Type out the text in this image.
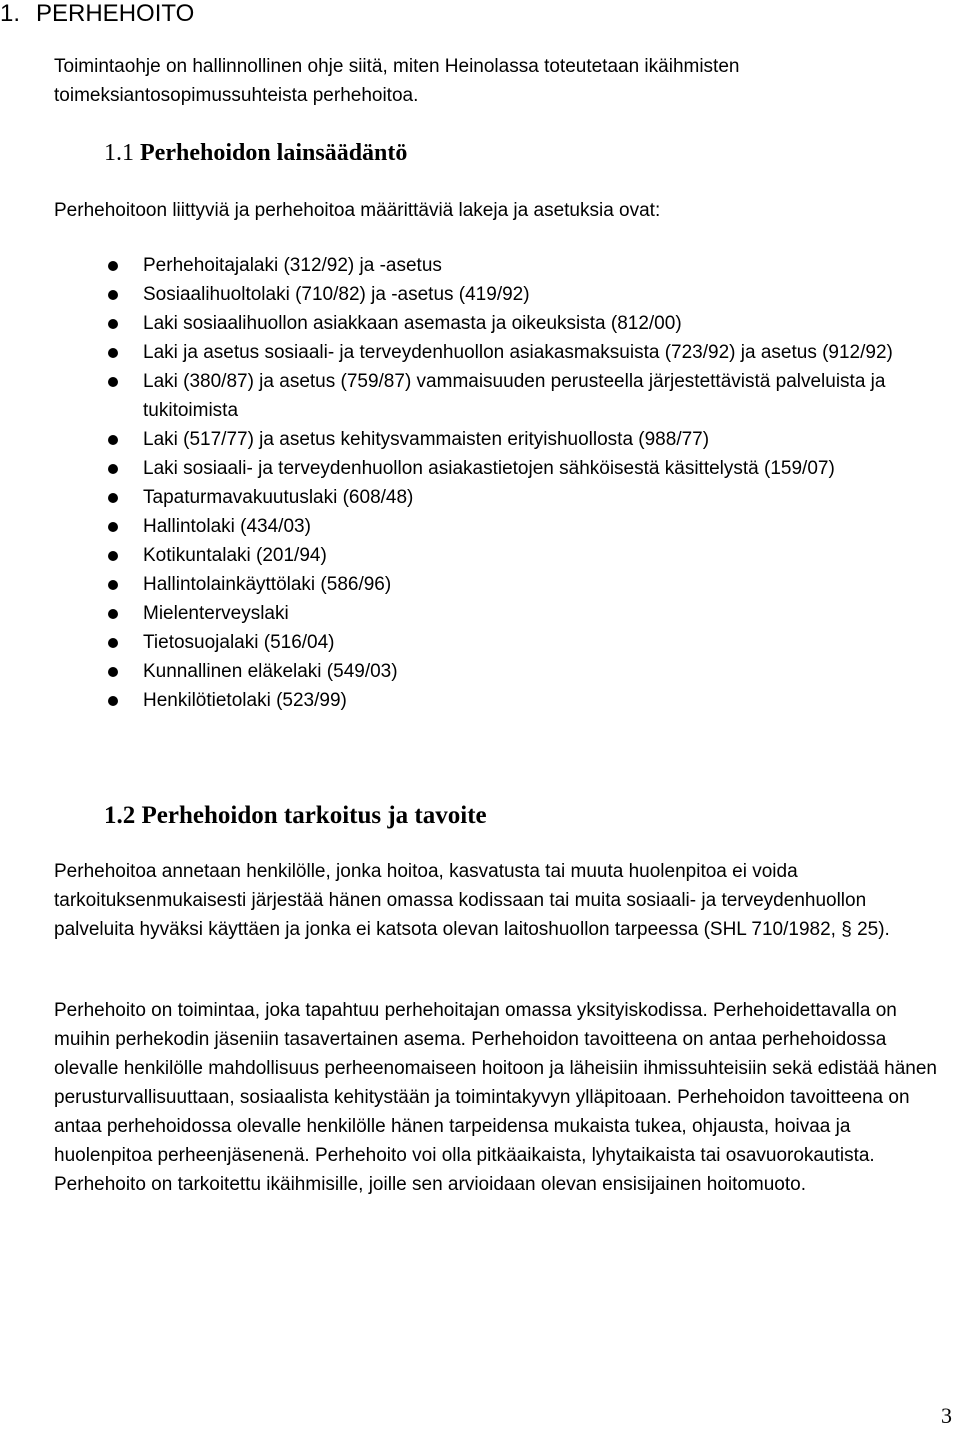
1. PERHEHOITO

Toimintaohje on hallinnollinen ohje siitä, miten Heinolassa toteutetaan ikäihmisten toimeksiantosopimussuhteista perhehoitoa.

1.1 Perhehoidon lainsäädäntö

Perhehoitoon liittyviä ja perhehoitoa määrittäviä lakeja ja asetuksia ovat:

Perhehoitajalaki (312/92) ja -asetus
Sosiaalihuoltolaki (710/82) ja -asetus (419/92)
Laki sosiaalihuollon asiakkaan asemasta ja oikeuksista (812/00)
Laki ja asetus sosiaali- ja terveydenhuollon asiakasmaksuista (723/92) ja asetus (912/92)
Laki (380/87) ja asetus (759/87) vammaisuuden perusteella järjestettävistä palveluista ja tukitoimista
Laki (517/77) ja asetus kehitysvammaisten erityishuollosta (988/77)
Laki sosiaali- ja terveydenhuollon asiakastietojen sähköisestä käsittelystä (159/07)
Tapaturmavakuutuslaki (608/48)
Hallintolaki (434/03)
Kotikuntalaki (201/94)
Hallintolainkäyttölaki (586/96)
Mielenterveyslaki
Tietosuojalaki (516/04)
Kunnallinen eläkelaki (549/03)
Henkilötietolaki (523/99)
1.2 Perhehoidon tarkoitus ja tavoite

Perhehoitoa annetaan henkilölle, jonka hoitoa, kasvatusta tai muuta huolenpitoa ei voida tarkoituksenmukaisesti järjestää hänen omassa kodissaan tai muita sosiaali- ja terveydenhuollon palveluita hyväksi käyttäen ja jonka ei katsota olevan laitoshuollon tarpeessa (SHL 710/1982, § 25).

Perhehoito on toimintaa, joka tapahtuu perhehoitajan omassa yksityiskodissa. Perhehoidettavalla on muihin perhekodin jäseniin tasavertainen asema. Perhehoidon tavoitteena on antaa perhehoidossa olevalle henkilölle mahdollisuus perheenomaiseen hoitoon ja läheisiin ihmissuhteisiin sekä edistää hänen perusturvallisuuttaan, sosiaalista kehitystään ja toimintakyvyn ylläpitoaan. Perhehoidon tavoitteena on antaa perhehoidossa olevalle henkilölle hänen tarpeidensa mukaista tukea, ohjausta, hoivaa ja huolenpitoa perheenjäsenenä. Perhehoito voi olla pitkäaikaista, lyhytaikaista tai osavuorokautista. Perhehoito on tarkoitettu ikäihmisille, joille sen arvioidaan olevan ensisijainen hoitomuoto.

3
